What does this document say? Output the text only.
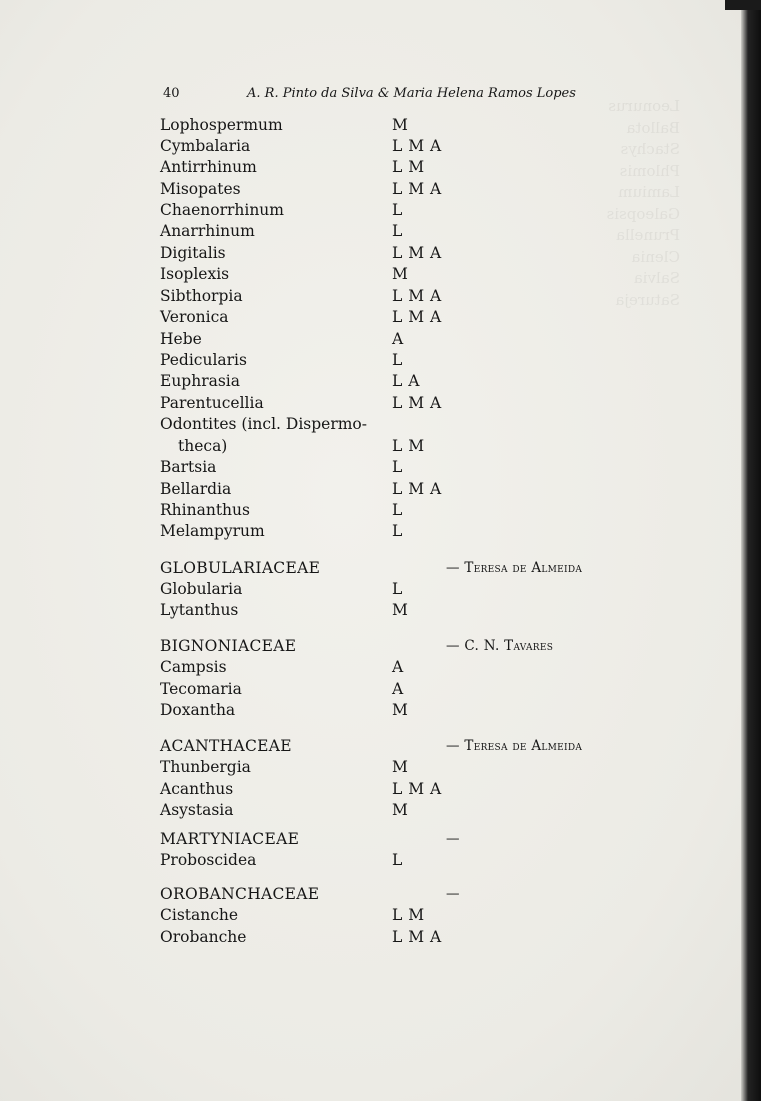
Leonurus
Ballota
Stachys
Phlomis
Lamium
Galeopsis
Prunella
Clenia
Salvia
Satureja
40	A. R. Pinto da Silva & Maria Helena Ramos Lopes
Lophospermum	M
Cymbalaria	L M A
Antirrhinum	L M
Misopates	L M A
Chaenorrhinum	L
Anarrhinum	L
Digitalis	L M A
Isoplexis	M
Sibthorpia	L M A
Veronica	L M A
Hebe	A
Pedicularis	L
Euphrasia	L A
Parentucellia	L M A
Odontites (incl. Dispermo-
theca)	L M
Bartsia	L
Bellardia	L M A
Rhinanthus	L
Melampyrum	L
GLOBULARIACEAE	— Teresa de Almeida
Globularia	L
Lytanthus	M
BIGNONIACEAE	— C. N. Tavares
Campsis	A
Tecomaria	A
Doxantha	M
ACANTHACEAE	— Teresa de Almeida
Thunbergia	M
Acanthus	L M A
Asystasia	M
MARTYNIACEAE	—
Proboscidea	L
OROBANCHACEAE	—
Cistanche	L M
Orobanche	L M A
